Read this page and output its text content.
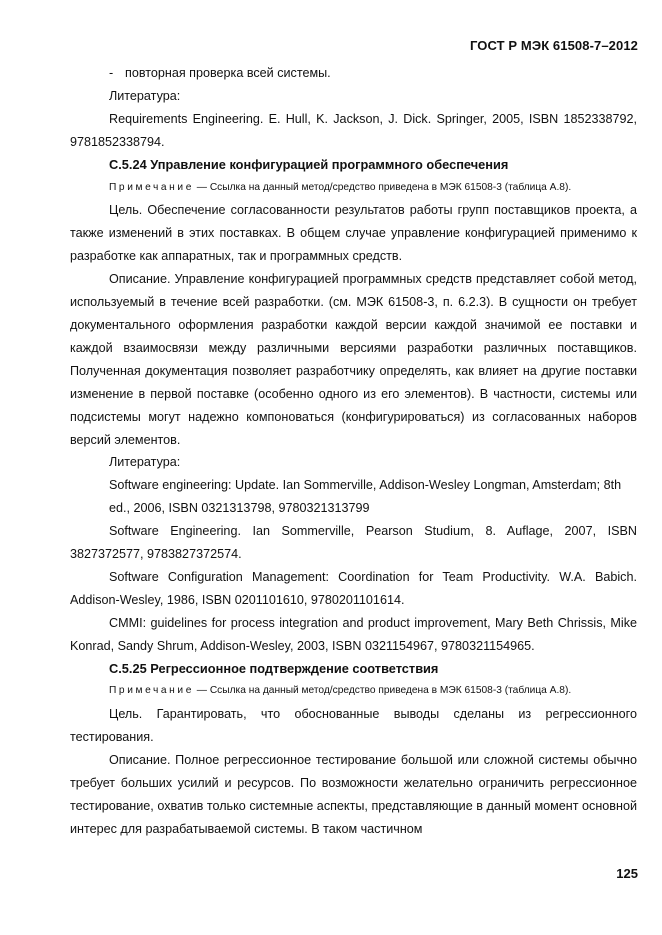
ГОСТ Р МЭК 61508-7–2012

- повторная проверка всей системы.

Литература:

Requirements Engineering. E. Hull, K. Jackson, J. Dick. Springer, 2005, ISBN 1852338792, 9781852338794.

C.5.24 Управление конфигурацией программного обеспечения

Примечание — Ссылка на данный метод/средство приведена в МЭК 61508-3 (таблица А.8).

Цель. Обеспечение согласованности результатов работы групп поставщиков проекта, а также изменений в этих поставках. В общем случае управление конфигурацией применимо к разработке как аппаратных, так и программных средств.

Описание. Управление конфигурацией программных средств представляет собой метод, используемый в течение всей разработки. (см. МЭК 61508-3, п. 6.2.3). В сущности он требует документального оформления разработки каждой версии каждой значимой ее поставки и каждой взаимосвязи между различными версиями разработки различных поставщиков. Полученная документация позволяет разработчику определять, как влияет на другие поставки изменение в первой поставке (особенно одного из его элементов). В частности, системы или подсистемы могут надежно компоноваться (конфигурироваться) из согласованных наборов версий элементов.

Литература:

Software engineering: Update. Ian Sommerville, Addison-Wesley Longman, Amsterdam; 8th

ed., 2006, ISBN 0321313798, 9780321313799

Software Engineering. Ian Sommerville, Pearson Studium, 8. Auflage, 2007, ISBN 3827372577, 9783827372574.

Software Configuration Management: Coordination for Team Productivity. W.A. Babich. Addison-Wesley, 1986, ISBN 0201101610, 9780201101614.

CMMI: guidelines for process integration and product improvement, Mary Beth Chrissis, Mike Konrad, Sandy Shrum, Addison-Wesley, 2003, ISBN 0321154967, 9780321154965.

C.5.25 Регрессионное подтверждение соответствия

Примечание — Ссылка на данный метод/средство приведена в МЭК 61508-3 (таблица А.8).

Цель. Гарантировать, что обоснованные выводы сделаны из регрессионного тестирования.

Описание. Полное регрессионное тестирование большой или сложной системы обычно требует больших усилий и ресурсов. По возможности желательно ограничить регрессионное тестирование, охватив только системные аспекты, представляющие в данный момент основной интерес для разрабатываемой системы. В таком частичном

125
